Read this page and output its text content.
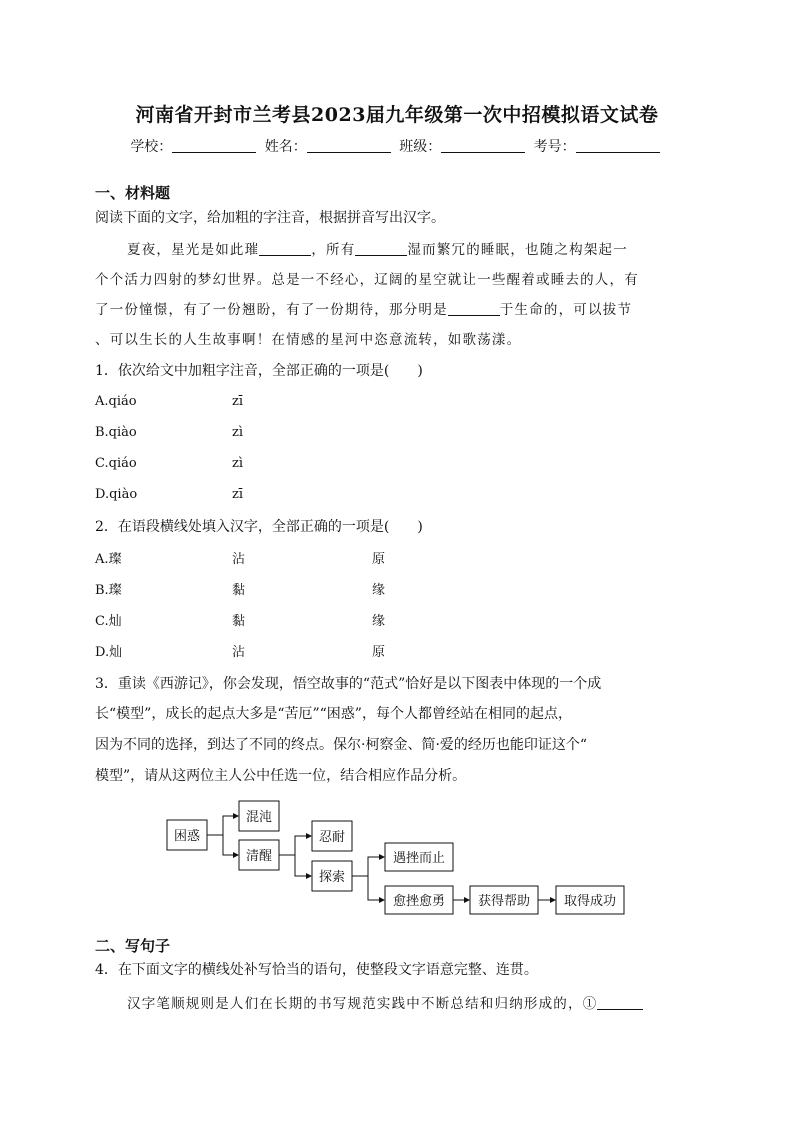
河南省开封市兰考县2023届九年级第一次中招模拟语文试卷
学校：	姓名：	班级：	考号：
一、材料题
阅读下面的文字，给加粗的字注音，根据拼音写出汉字。
夏夜，星光是如此璀	，所有	湿而繁冗的睡眠，也随之构架起一
个个活力四射的梦幻世界。总是一不经心，辽阔的星空就让一些醒着或睡去的人，有
了一份憧憬，有了一份翘盼，有了一份期待，那分明是	于生命的，可以拔节
、可以生长的人生故事啊！在情感的星河中恣意流转，如歌荡漾。
1．依次给文中加粗字注音，全部正确的一项是(　　)
A.qiáo	zī
B.qiào	zì
C.qiáo	zì
D.qiào	zī
2．在语段横线处填入汉字，全部正确的一项是(　　)
A.璨	沾	原
B.璨	黏	缘
C.灿	黏	缘
D.灿	沾	原
3．重读《西游记》，你会发现，悟空故事的“范式”恰好是以下图表中体现的一个成
长“模型”，成长的起点大多是“苦厄”“困惑”，每个人都曾经站在相同的起点，
因为不同的选择，到达了不同的终点。保尔·柯察金、简·爱的经历也能印证这个“
模型”，请从这两位主人公中任选一位，结合相应作品分析。
困惑
混沌
清醒
忍耐
探索
遇挫而止
愈挫愈勇	获得帮助	取得成功
二、写句子
4．在下面文字的横线处补写恰当的语句，使整段文字语意完整、连贯。
汉字笔顺规则是人们在长期的书写规范实践中不断总结和归纳形成的，①
